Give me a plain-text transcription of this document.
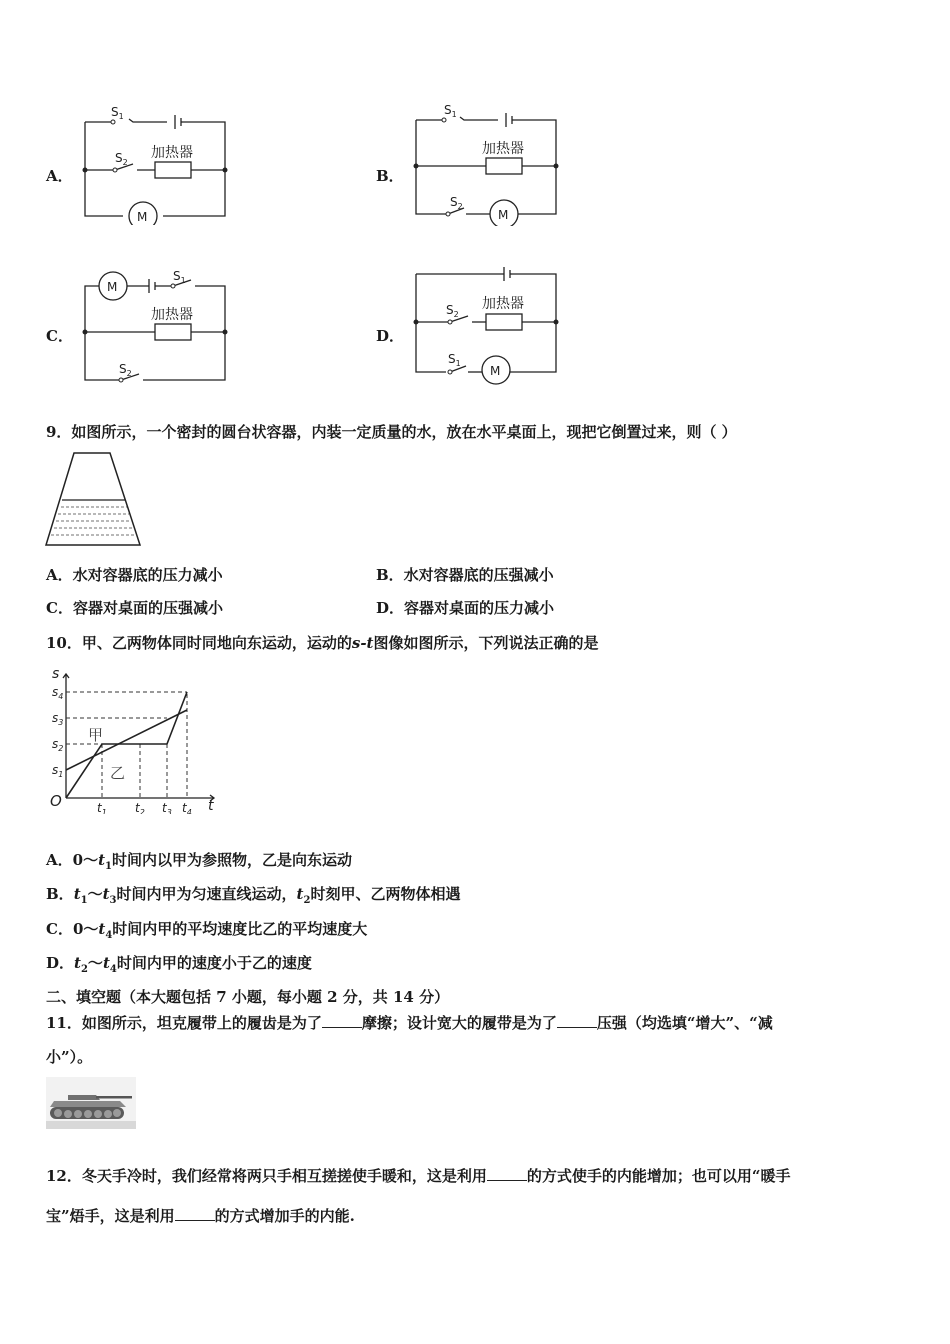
A．
$S_1$
$S_2$
加热器
M
B．
$S_1$
$S_2$
加热器
M
C．
$S_1$
$S_2$
加热器
M
D．
$S_2$
$S_1$
加热器
M
9．如图所示，一个密封的圆台状容器，内装一定质量的水，放在水平桌面上，现把它倒置过来，则（ ）
A．水对容器底的压力减小	B．水对容器底的压强减小
C．容器对桌面的压强减小	D．容器对桌面的压力减小
10．甲、乙两物体同时同地向东运动，运动的s-t图像如图所示，下列说法正确的是
s
t
O
$s_1$
$s_2$
$s_3$
$s_4$
$t_1$ $t_2$ $t_3$ $t_4$
甲
乙
A．$0\sim t_1$时间内以甲为参照物，乙是向东运动
B．$t_1\sim t_3$时间内甲为匀速直线运动，$t_2$时刻甲、乙两物体相遇
C．$0\sim t_4$时间内甲的平均速度比乙的平均速度大
D．$t_2\sim t_4$时间内甲的速度小于乙的速度
二、填空题（本大题包括 7 小题，每小题 2 分，共 14 分）
11．如图所示，坦克履带上的履齿是为了	摩擦；设计宽大的履带是为了	压强（均选填“增大”、“减
小”）。
12．冬天手冷时，我们经常将两只手相互搓搓使手暖和，这是利用	的方式使手的内能增加；也可以用“暖手
宝”焐手，这是利用	的方式增加手的内能.
